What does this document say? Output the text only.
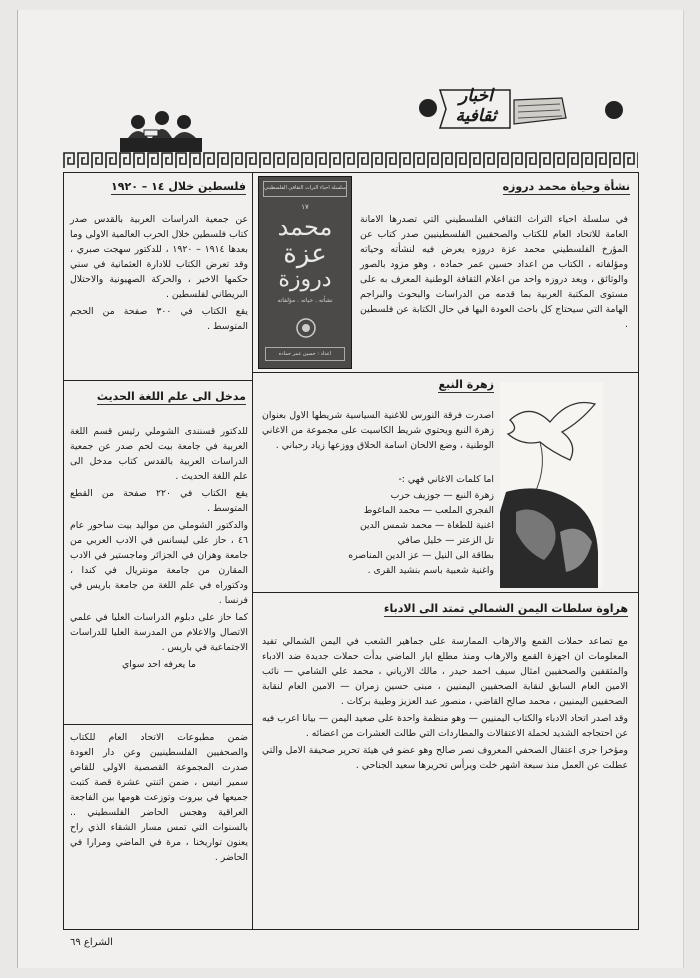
اخبار
ثقافية
نشأة وحياة محمد دروزه
في سلسلة احياء التراث الثقافي الفلسطيني التي تصدرها الامانة العامة للاتحاد العام للكتاب والصحفيين الفلسطينيين صدر كتاب عن المؤرخ الفلسطيني محمد عزة دروزه يعرض فيه لنشأته وحياته ومؤلفاته ، الكتاب من اعداد حسين عمر حماده ، وهو مزود بالصور والوثائق ، ويعد دروزه واحد من اعلام الثقافة الوطنية المعرف به على مستوى المكتبة العربية بما قدمه من الدراسات والبحوث والبراجم الهامة التي سيحتاج كل باحث العودة اليها في حال الكتابة عن فلسطين .
سلسلة احياء التراث الثقافي الفلسطيني
١٧
محمد
عزة
دروزة
نشأته . حياته . مؤلفاته
اعداد : حسين عمر حماده
فلسطين خلال ١٤ – ١٩٢٠

عن جمعية الدراسات العربية بالقدس صدر كتاب فلسطين خلال الحرب العالمية الاولى وما بعدها ١٩١٤ – ١٩٢٠ ، للدكتور سهجت صبري ، وقد تعرض الكتاب للادارة العثمانية في سني حكمها الاخير ، والحركة الصهيونية والاحتلال البريطاني لفلسطين .

يقع الكتاب في ٣٠٠ صفحة من الحجم المتوسط .

مدخل الى علم اللغة الحديث

للدكتور قسنندى الشوملي رئيس قسم اللغة العربية في جامعة بيت لحم صدر عن جمعية الدراسات العربية بالقدس كتاب مدخل الى علم اللغة الحديث .

يقع الكتاب في ٢٢٠ صفحة من القطع المتوسط .

والدكتور الشوملي من مواليد بيت ساحور عام ٤٦ ، حاز على ليسانس في الادب العربي من جامعة وهران في الجزائر وماجستير في الادب المقارن من جامعة مونتريال في كندا ، ودكتوراه في علم اللغة من جامعة باريس في فرنسا .

كما حاز على دبلوم الدراسات العليا في علمي الاتصال والاعلام من المدرسة العليا للدراسات الاجتماعية في باريس .

ما يعرفه احد سواي

ضمن مطبوعات الاتحاد العام للكتاب والصحفيين الفلسطينيين وعن دار العودة صدرت المجموعة القصصية الاولى للقاص سمير انيس ، ضمن اثنتي عشرة قصة كتبت جميعها في بيروت وتوزعت هومها بين الفاجعة العراقية وهجس الحاضر الفلسطيني .. بالسنوات التي تمس مسار الشقاء الذي راح يعنون تواريخنا ، مرة في الماضي ومرارا في الحاضر .
زهرة النبع
اصدرت فرقة النورس للاغنية السياسية شريطها الاول بعنوان زهرة النبع ويحتوي شريط الكاسيت على مجموعة من الاغاني الوطنية ، وضع الالحان اسامة الحلاق ووزعها زياد رحباني .
اما كلمات الاغاني فهي :-
زهرة النبع — جوزيف حرب
الفجري الملعب — محمد الماغوط
اغنية للطغاة — محمد شمس الدين
تل الزعتر — خليل صافي
بطاقة الى النيل — عز الدين المناصره
واغنية شعبية باسم بنشيد القرى .
هراوة سلطات اليمن الشمالي تمتد الى الادباء

مع تصاعد حملات القمع والارهاب الممارسة على جماهير الشعب في اليمن الشمالي تفيد المعلومات ان اجهزة القمع والارهاب ومنذ مطلع ايار الماضي بدأت حملات جديدة ضد الادباء والمثقفين والصحفيين امثال سيف احمد حيدر ، مالك الارياني ، محمد علي الشامي — نائب الامين العام السابق لنقابة الصحفيين اليمنيين ، مبنى حسين زمران — الامين العام لنقابة الصحفيين اليمنيين ، محمد صالح القاضي ، منصور عبد العزيز وطيبة بركات .

وقد اصدر اتحاد الادباء والكتاب اليمنيين — وهو منظمة واحدة على صعيد اليمن — بيانا اعرب فيه عن احتجاجه الشديد لحملة الاعتقالات والمطاردات التي طالت العشرات من اعضائه .

ومؤخرا جرى اعتقال الصحفي المعروف نصر صالح وهو عضو في هيئة تحرير صحيفة الامل والتي عطلت عن العمل منذ سبعة اشهر خلت ويرأس تحريرها سعيد الجناحي .

الشراع ٦٩
